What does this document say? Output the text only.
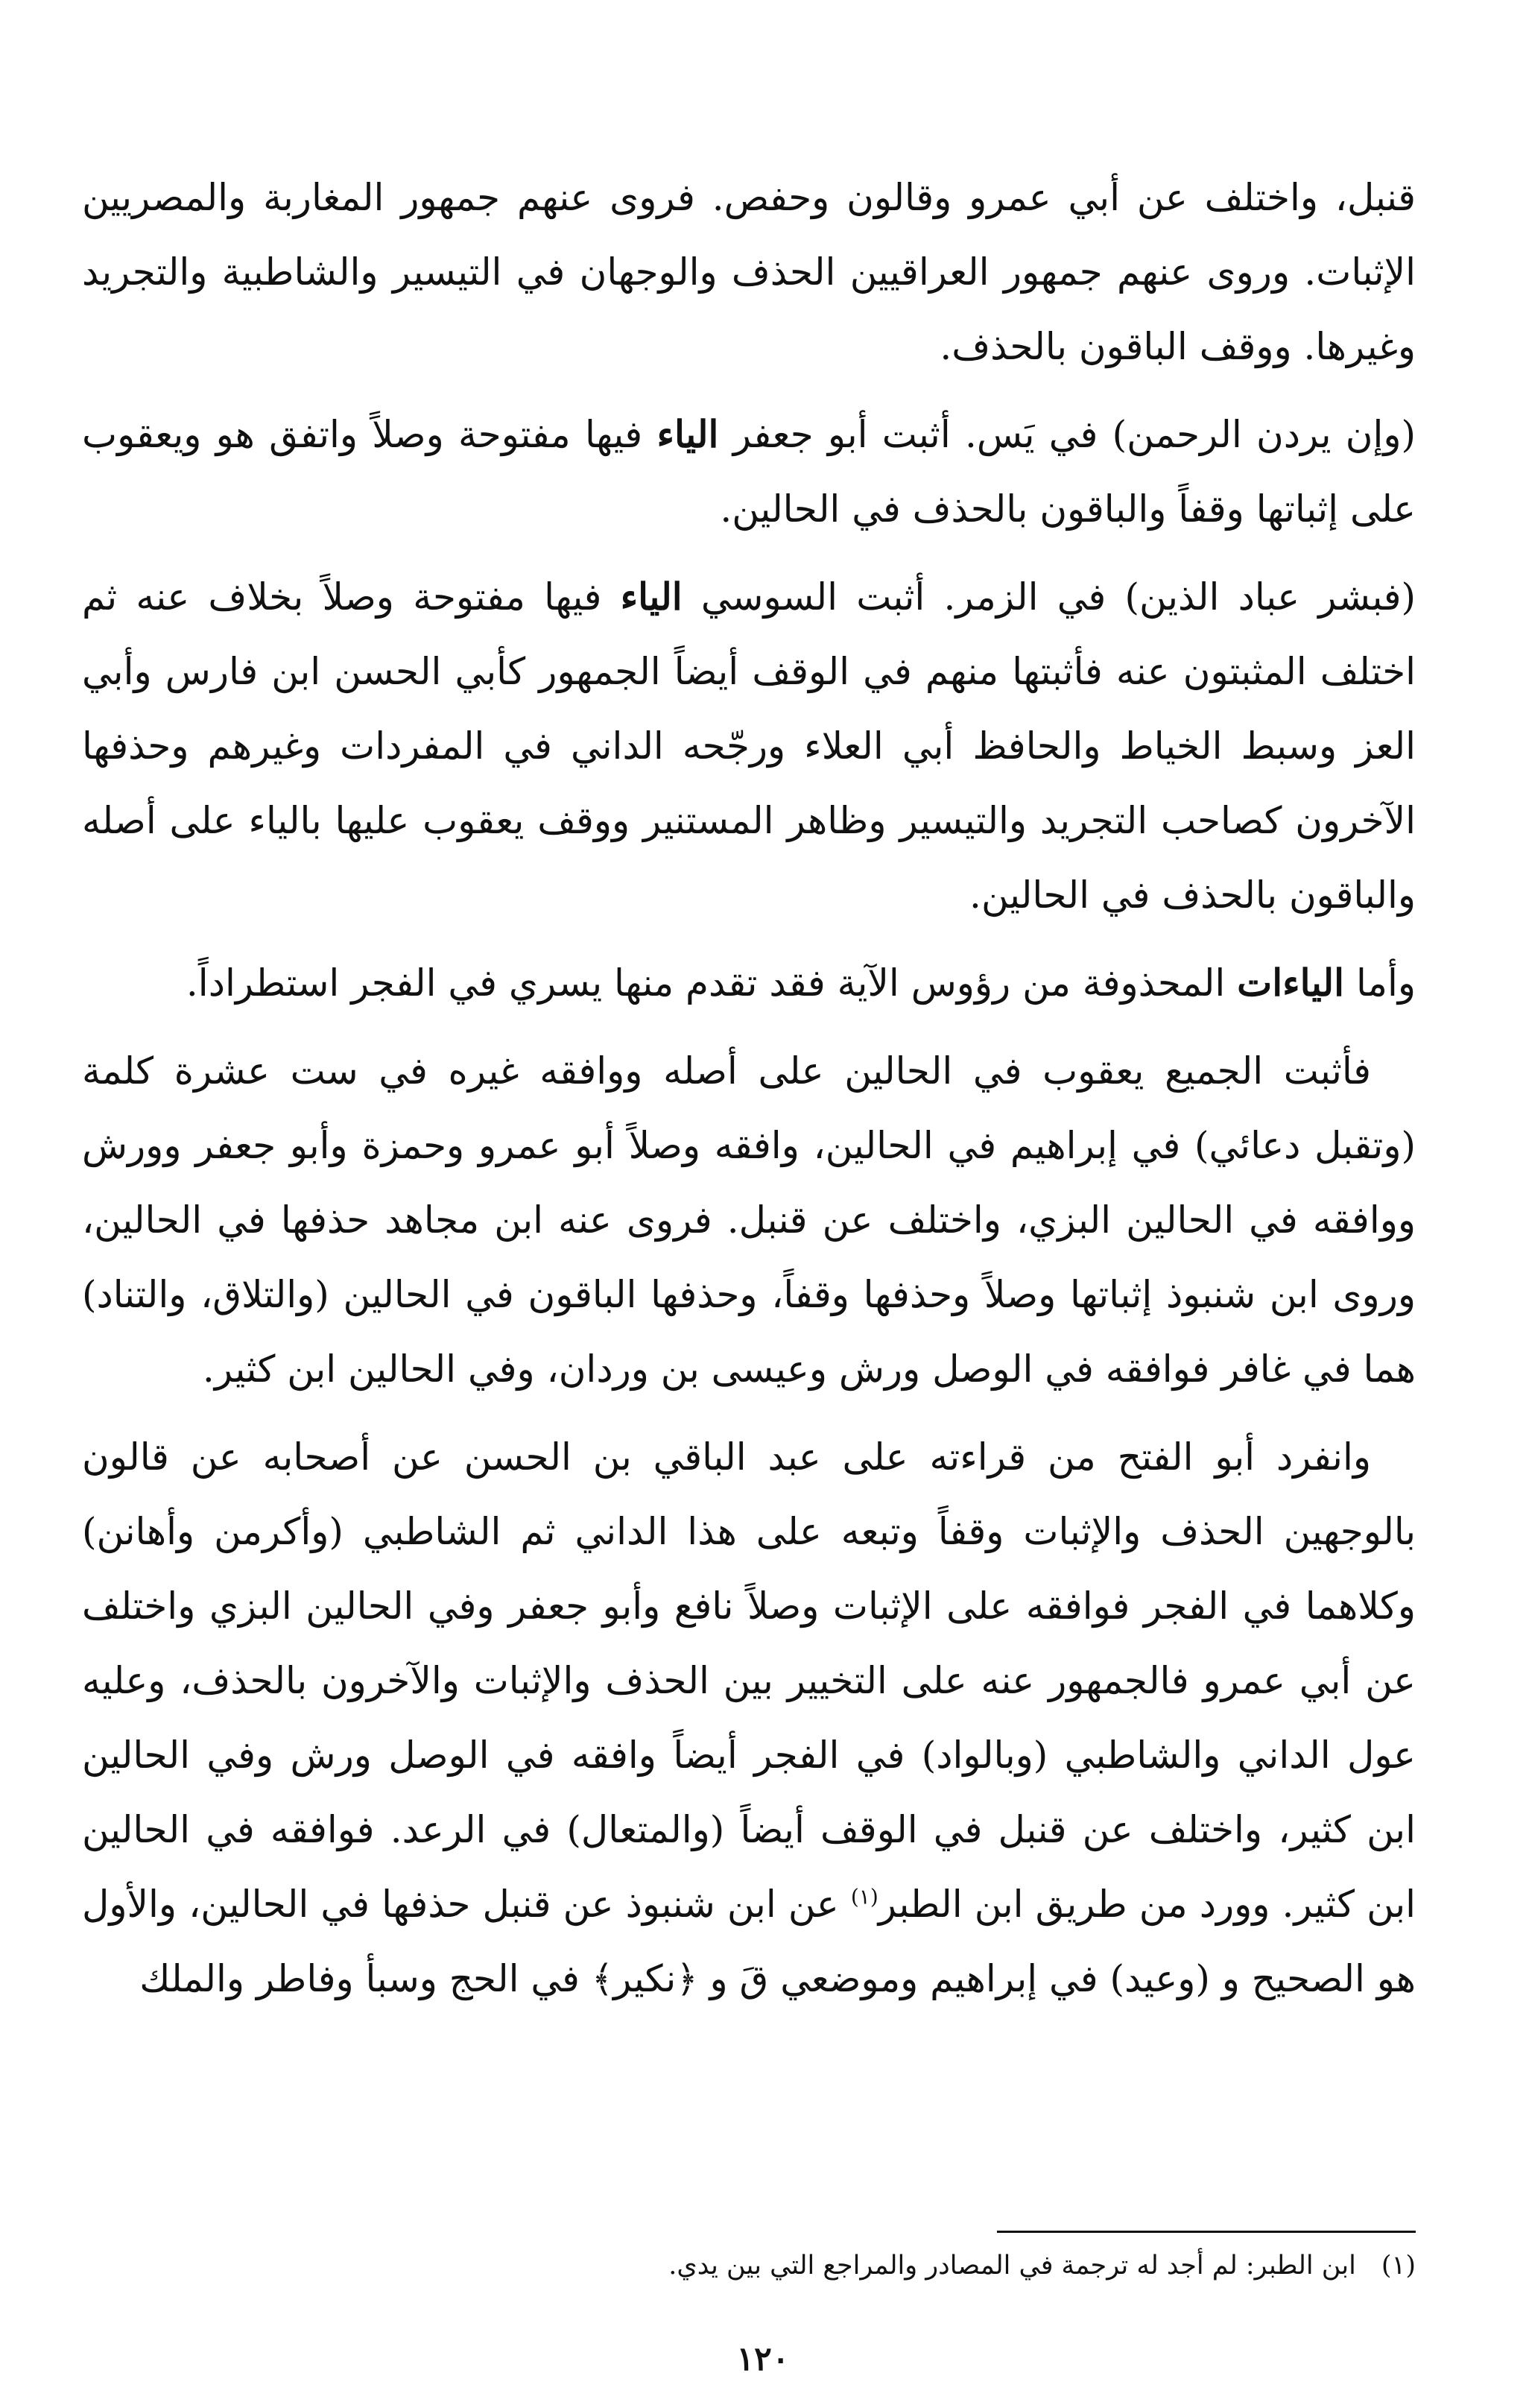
قنبل، واختلف عن أبي عمرو وقالون وحفص. فروى عنهم جمهور المغاربة والمصريين الإثبات. وروى عنهم جمهور العراقيين الحذف والوجهان في التيسير والشاطبية والتجريد وغيرها. ووقف الباقون بالحذف.

(وإن يردن الرحمن) في يَس. أثبت أبو جعفر الياء فيها مفتوحة وصلاً واتفق هو ويعقوب على إثباتها وقفاً والباقون بالحذف في الحالين.

(فبشر عباد الذين) في الزمر. أثبت السوسي الياء فيها مفتوحة وصلاً بخلاف عنه ثم اختلف المثبتون عنه فأثبتها منهم في الوقف أيضاً الجمهور كأبي الحسن ابن فارس وأبي العز وسبط الخياط والحافظ أبي العلاء ورجّحه الداني في المفردات وغيرهم وحذفها الآخرون كصاحب التجريد والتيسير وظاهر المستنير ووقف يعقوب عليها بالياء على أصله والباقون بالحذف في الحالين.

وأما الياءات المحذوفة من رؤوس الآية فقد تقدم منها يسري في الفجر استطراداً.

فأثبت الجميع يعقوب في الحالين على أصله ووافقه غيره في ست عشرة كلمة (وتقبل دعائي) في إبراهيم في الحالين، وافقه وصلاً أبو عمرو وحمزة وأبو جعفر وورش ووافقه في الحالين البزي، واختلف عن قنبل. فروى عنه ابن مجاهد حذفها في الحالين، وروى ابن شنبوذ إثباتها وصلاً وحذفها وقفاً، وحذفها الباقون في الحالين (والتلاق، والتناد) هما في غافر فوافقه في الوصل ورش وعيسى بن وردان، وفي الحالين ابن كثير.

وانفرد أبو الفتح من قراءته على عبد الباقي بن الحسن عن أصحابه عن قالون بالوجهين الحذف والإثبات وقفاً وتبعه على هذا الداني ثم الشاطبي (وأكرمن وأهانن) وكلاهما في الفجر فوافقه على الإثبات وصلاً نافع وأبو جعفر وفي الحالين البزي واختلف عن أبي عمرو فالجمهور عنه على التخيير بين الحذف والإثبات والآخرون بالحذف، وعليه عول الداني والشاطبي (وبالواد) في الفجر أيضاً وافقه في الوصل ورش وفي الحالين ابن كثير، واختلف عن قنبل في الوقف أيضاً (والمتعال) في الرعد. فوافقه في الحالين ابن كثير. وورد من طريق ابن الطبر$^{(١)}$ عن ابن شنبوذ عن قنبل حذفها في الحالين، والأول هو الصحيح و (وعيد) في إبراهيم وموضعي قَ و ﴿نكير﴾ في الحج وسبأ وفاطر والملك

(١)ابن الطبر: لم أجد له ترجمة في المصادر والمراجع التي بين يدي.

١٢٠
